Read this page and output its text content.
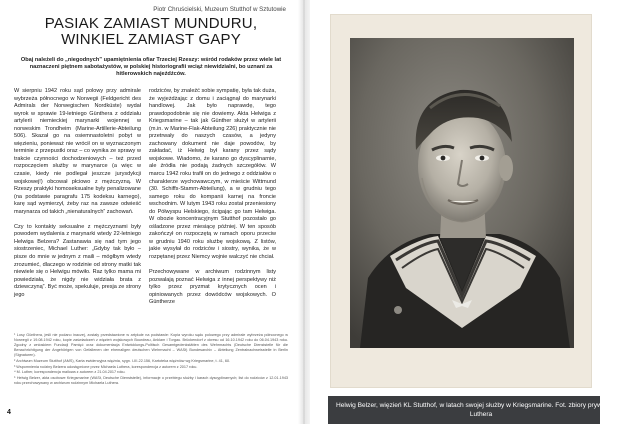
Piotr Chruścielski, Muzeum Stutthof w Sztutowie
PASIAK ZAMIAST MUNDURU,
WINKIEL ZAMIAST GAPY
Obaj należeli do „niegodnych” upamiętnienia ofiar Trzeciej Rzeszy: wśród rodaków przez wiele lat naznaczeni piętnem sabotażystów, w polskiej historiografii wciąż niewidzialni, bo uznani za hitlerowskich najeźdźców.

W sierpniu 1942 roku sąd polowy przy admirale wybrzeża północnego w Norwegii (Feldgericht des Admirals der Norwegischen Nordküste) wydał wyrok w sprawie 19-letniego Günthera z oddziału artylerii niemieckiej marynarki wojennej w norweskim Trondheim (Marine-Artillerie-Abteilung 506). Skazał go na osiemnastoletni pobyt w więzieniu, ponieważ nie wrócił on w wyznaczonym terminie z przepustki oraz – co wynika ze sprawy w trakcie czynności dochodzeniowych – też przed rozpoczęciem służby w marynarce (a więc w czasie, kiedy nie podlegał jeszcze jurysdykcji wojskowej!) obcował płciowo z mężczyzną. W Rzeszy praktyki homoseksualne były penalizowane (na podstawie paragrafu 175 kodeksu karnego), karę sąd wymierzył, żeby raz na zawsze odwieść marynarza od takich „nienaturalnych” zachowań.

Czy to kontakty seksualne z mężczyznami były powodem wydalenia z marynarki wtedy 22-letniego Helwiga Belzera? Zastanawia się nad tym jego siostrzeniec, Michael Luther: „Gdyby tak było – pisze do mnie w jednym z maili – mógłbym wtedy zrozumieć, dlaczego w rodzinie od strony matki tak niewiele się o Helwigu mówiło. Raz tylko mama mi powiedziała, że nigdy nie widziała brata z dziewczyną”. Być może, spekuluje, presja ze strony jego

rodziców, by znaleźć sobie sympatię, była tak duża, że wyjeżdżając z domu i zaciągnął do marynarki handlowej. Jak było naprawdę, tego prawdopodobnie się nie dowiemy. Akta Helwiga z Kriegsmarine – tak jak Günther służył w artylerii (m.in. w Marine-Flak-Abteilung 226) praktycznie nie przetrwały do naszych czasów, a jedyny zachowany dokument nie daje powodów, by zakładać, iż Helwig był karany przez sądy wojskowe. Wiadomo, że karano go dyscyplinarnie, ale źródła nie podają żadnych szczegółów. W marcu 1942 roku trafił on do jednego z oddziałów o charakterze wychowawczym, w mieście Wittmund (30. Schiffs-Stamm-Abteilung), a w grudniu tego samego roku do kompanii karnej na froncie wschodnim. W lutym 1943 roku został przeniesiony do Półwyspu Helskiego, ścigając go tam Helwiga. W obozie koncentracyjnym Stutthof pozostało go ośladzone przez miesiącę później. W ten sposób zakończył on rozpoczętą w ramach oporu przeciw w grudniu 1940 roku służbę wojskową. Z listów, jakie wysyłał do rodziców i siostry, wynika, że w rozpętanej przez Niemcy wojnie walczyć nie chciał.

Przechowywane w archiwum rodzinnym listy pozwalają poznać Helwiga z innej perspektywy niż tylko przez pryzmat krytycznych ocen i opiniowanych przez dowódców wojskowych. O Güntherze

¹ Losy Günthera, jeśli nie podano inaczej, zostały przedstawione w artykule na podstawie: Kopia wyroku sądu polowego przy admirale wybrzeża północnego w Norwegii z 19.08.1942 roku, kopie zaświadczeń z więzień wojskowych Bourdeau, Anklam i Torgau. Brückendorf z okresu od 16.10.1942 roku do 06.04.1943 roku. Zgodny z wnioskiem Fundacji Pamięć oraz dokumentacja Entwicklungs-Politisch Gesamtgedenkstätten des Wehrmachts (Deutsche Dienststelle für die Benachrichtigung der Angehörigen von Gefallenen der ehemaligen deutschen Wehrmacht – WASt) Bundesarchiv – Abteilung Zentralnachweisstelle in Berlin (Signaturen).

² Archiwum Muzeum Stutthof (AMS), Karta ewidencyjna więźnia, sygn. I-III-22.156, Kartoteka więźniów wg Kriegsmarine, t. 41, 60.

³ Wspomnienia rodziny Belzera udostępnione przez Michaela Luthera, korespondencja z autorem z 2017 roku.

⁴ M. Luther, korespondencja mailowa z autorem z 21.04.2017 roku.

⁵ Helwig Belzer, akta osobowe Kriegsmarine (WASt, Deutsche Dienststelle), informacje o przebiegu służby i karach dyscyplinarnych; list do rodziców z 12.01.1943 roku przechowywany w archiwum rodzinnym Michaela Luthera.

4
Helwig Belzer, więzień KL Stutthof, w latach swojej służby w Kriegsmarine. Fot. zbiory prywatne Michaela
Luthera
